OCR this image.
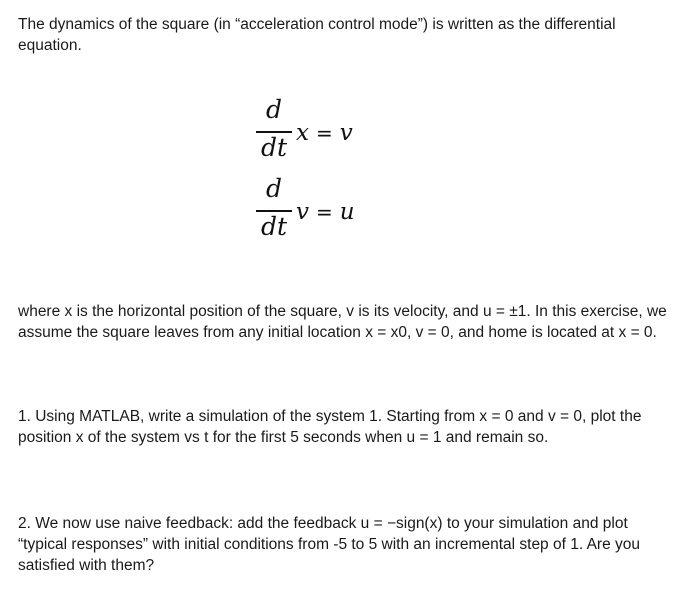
The dynamics of the square (in “acceleration control mode”) is written as the differential equation.

d
dt x = v
d
dt v = u

where x is the horizontal position of the square, v is its velocity, and u = ±1. In this exercise, we assume the square leaves from any initial location x = x0, v = 0, and home is located at x = 0.

1. Using MATLAB, write a simulation of the system 1. Starting from x = 0 and v = 0, plot the position x of the system vs t for the first 5 seconds when u = 1 and remain so.

2. We now use naive feedback: add the feedback u = −sign(x) to your simulation and plot “typical responses” with initial conditions from -5 to 5 with an incremental step of 1. Are you satisfied with them?
